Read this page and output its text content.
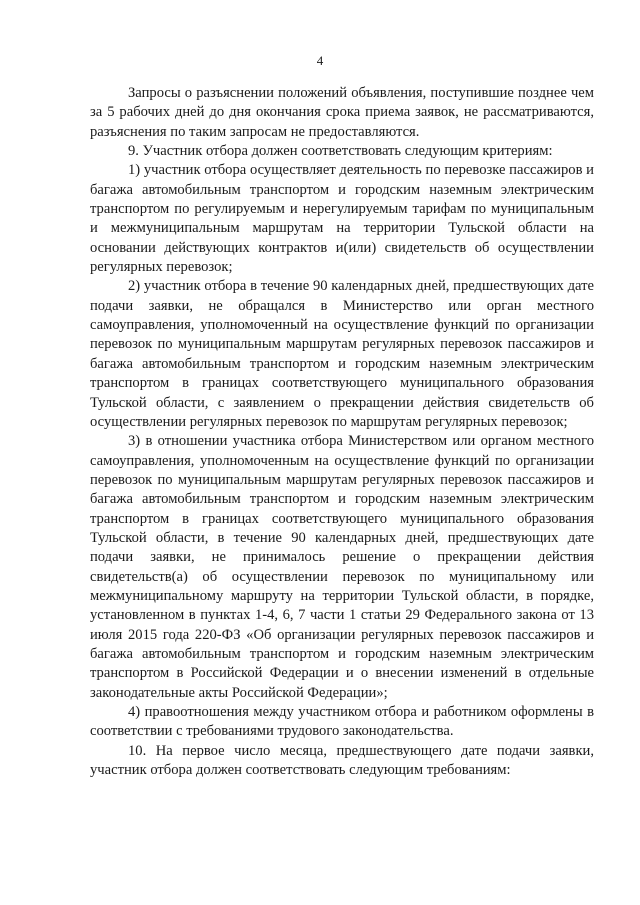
4

Запросы о разъяснении положений объявления, поступившие позднее чем за 5 рабочих дней до дня окончания срока приема заявок, не рассматриваются, разъяснения по таким запросам не предоставляются.

9. Участник отбора должен соответствовать следующим критериям:

1) участник отбора осуществляет деятельность по перевозке пассажиров и багажа автомобильным транспортом и городским наземным электрическим транспортом по регулируемым и нерегулируемым тарифам по муниципальным и межмуниципальным маршрутам на территории Тульской области на основании действующих контрактов и(или) свидетельств об осуществлении регулярных перевозок;

2) участник отбора в течение 90 календарных дней, предшествующих дате подачи заявки, не обращался в Министерство или орган местного самоуправления, уполномоченный на осуществление функций по организации перевозок по муниципальным маршрутам регулярных перевозок пассажиров и багажа автомобильным транспортом и городским наземным электрическим транспортом в границах соответствующего муниципального образования Тульской области, с заявлением о прекращении действия свидетельств об осуществлении регулярных перевозок по маршрутам регулярных перевозок;

3) в отношении участника отбора Министерством или органом местного самоуправления, уполномоченным на осуществление функций по организации перевозок по муниципальным маршрутам регулярных перевозок пассажиров и багажа автомобильным транспортом и городским наземным электрическим транспортом в границах соответствующего муниципального образования Тульской области, в течение 90 календарных дней, предшествующих дате подачи заявки, не принималось решение о прекращении действия свидетельств(а) об осуществлении перевозок по муниципальному или межмуниципальному маршруту на территории Тульской области, в порядке, установленном в пунктах 1-4, 6, 7 части 1 статьи 29 Федерального закона от 13 июля 2015 года 220-ФЗ «Об организации регулярных перевозок пассажиров и багажа автомобильным транспортом и городским наземным электрическим транспортом в Российской Федерации и о внесении изменений в отдельные законодательные акты Российской Федерации»;

4) правоотношения между участником отбора и работником оформлены в соответствии с требованиями трудового законодательства.

10. На первое число месяца, предшествующего дате подачи заявки, участник отбора должен соответствовать следующим требованиям:
